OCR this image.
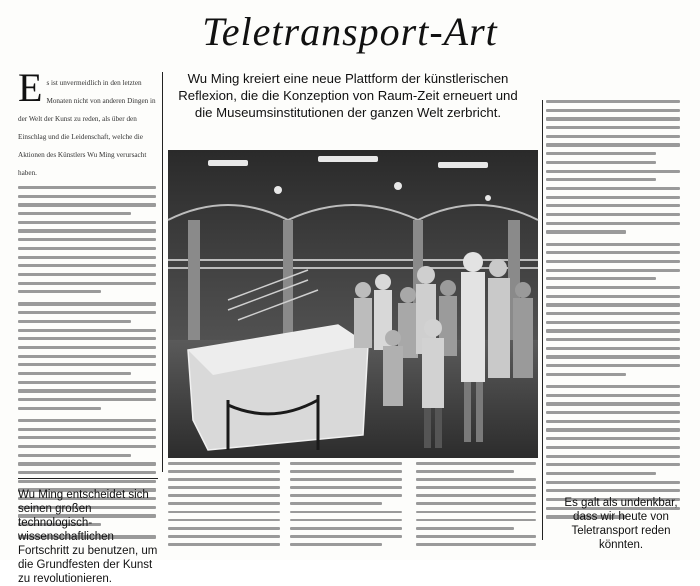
Teletransport-Art
Wu Ming kreiert eine neue Plattform der künstlerischen Reflexion, die die Konzeption von Raum-Zeit erneuert und die Museumsinstitutionen der ganzen Welt zerbricht.
E s ist unvermeidlich in den letzten Monaten nicht von anderen Dingen in der Welt der Kunst zu reden, als über den Einschlag und die Leidenschaft, welche die Aktionen des Künstlers Wu Ming verursacht haben.
Wu Ming entscheidet sich seinen großen technologisch-wissenschaftlichen Fortschritt zu benutzen, um die Grundfesten der Kunst zu revolutionieren.
Es galt als undenkbar, dass wir heute von Teletransport reden könnten.
